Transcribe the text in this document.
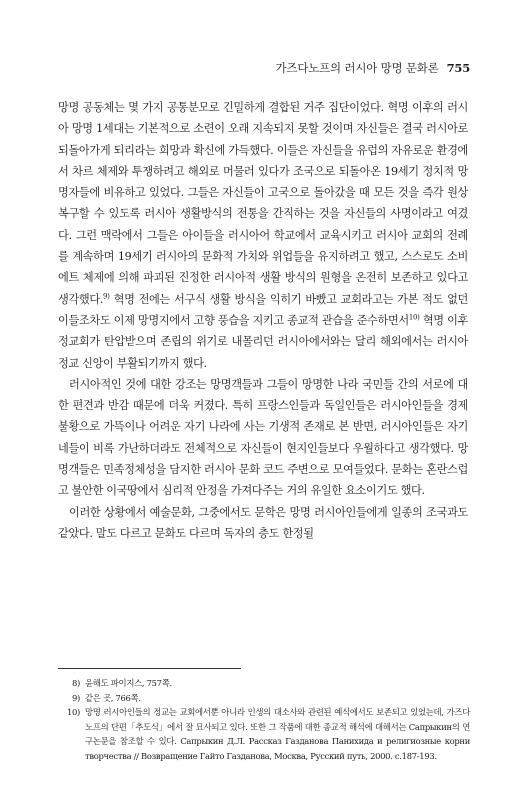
가즈다노프의 러시아 망명 문화론 755

망명 공동체는 몇 가지 공통분모로 긴밀하게 결합된 거주 집단이었다. 혁명 이후의 러시아 망명 1세대는 기본적으로 소련이 오래 지속되지 못할 것이며 자신들은 결국 러시아로 되돌아가게 되리라는 희망과 확신에 가득했다. 이들은 자신들을 유럽의 자유로운 환경에서 차르 체제와 투쟁하려고 해외로 머물러 있다가 조국으로 되돌아온 19세기 정치적 망명자들에 비유하고 있었다. 그들은 자신들이 고국으로 돌아갔을 때 모든 것을 즉각 원상 복구할 수 있도록 러시아 생활방식의 전통을 간직하는 것을 자신들의 사명이라고 여겼다. 그런 맥락에서 그들은 아이들을 러시아어 학교에서 교육시키고 러시아 교회의 전례를 계속하며 19세기 러시아의 문화적 가치와 위업들을 유지하려고 했고, 스스로도 소비에트 체제에 의해 파괴된 진정한 러시아적 생활 방식의 원형을 온전히 보존하고 있다고 생각했다.$^{9)}$ 혁명 전에는 서구식 생활 방식을 익히기 바빴고 교회라고는 가본 적도 없던 이들조차도 이제 망명지에서 고향 풍습을 지키고 종교적 관습을 준수하면서$^{10)}$ 혁명 이후 정교회가 탄압받으며 존립의 위기로 내몰리던 러시아에서와는 달리 해외에서는 러시아 정교 신앙이 부활되기까지 했다.

러시아적인 것에 대한 강조는 망명객들과 그들이 망명한 나라 국민들 간의 서로에 대한 편견과 반감 때문에 더욱 커졌다. 특히 프랑스인들과 독일인들은 러시아인들을 경제 불황으로 가뜩이나 어려운 자기 나라에 사는 기생적 존재로 본 반면, 러시아인들은 자기네들이 비록 가난하더라도 전체적으로 자신들이 현지인들보다 우월하다고 생각했다. 망명객들은 민족정체성을 담지한 러시아 문화 코드 주변으로 모여들었다. 문화는 혼란스럽고 불안한 이국땅에서 심리적 안정을 가져다주는 거의 유일한 요소이기도 했다.

이러한 상황에서 예술문화, 그중에서도 문학은 망명 러시아인들에게 일종의 조국과도 같았다. 말도 다르고 문화도 다르며 독자의 층도 한정될

8) 윤해도 파이지스, 757쪽.
9) 같은 곳, 766쪽.
10) 망명 러시아인들의 정교는 교회에서뿐 아니라 인생의 대소사와 관련된 예식에서도 보존되고 있었는데, 가즈다노프의 단편「추도식」에서 잘 묘사되고 있다. 또한 그 작품에 대한 종교적 해석에 대해서는 Сапрыкин의 연구논문을 참조할 수 있다. Сапрыкин Д.Л. Рассказ Газданова Панихида и религиозные корни творчества // Возвращение Гайто Газданова, Москва, Русский путь, 2000. с.187-193.
